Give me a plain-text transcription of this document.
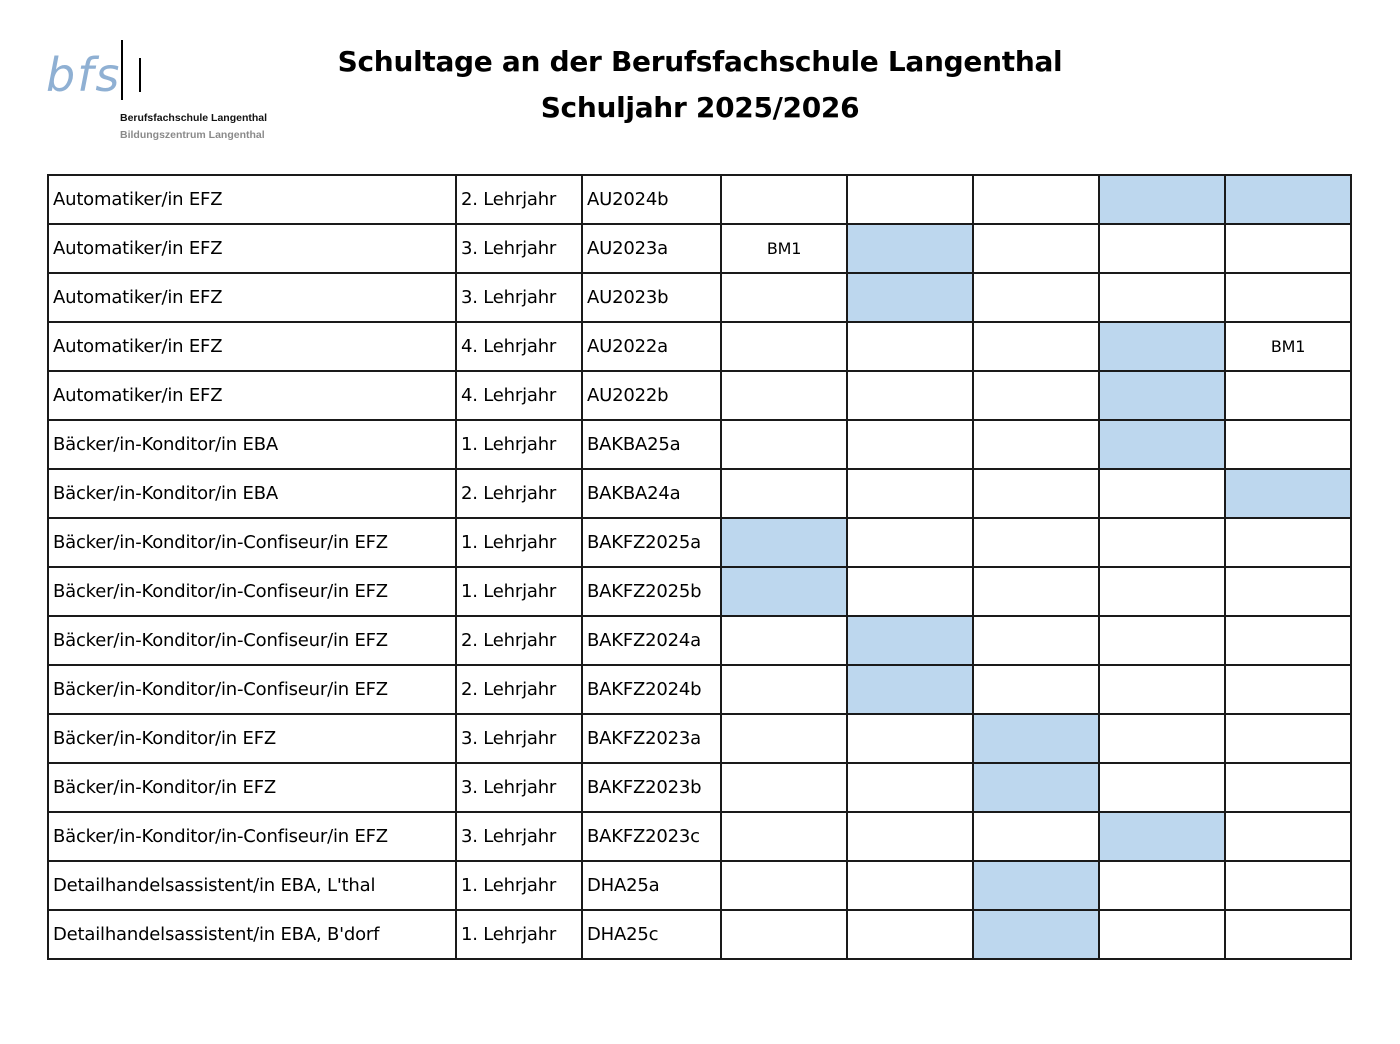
bfs
Berufsfachschule Langenthal
Bildungszentrum Langenthal
Schultage an der Berufsfachschule Langenthal
Schuljahr 2025/2026
Automatiker/in EFZ	2. Lehrjahr	AU2024b					
Automatiker/in EFZ	3. Lehrjahr	AU2023a	BM1				
Automatiker/in EFZ	3. Lehrjahr	AU2023b					
Automatiker/in EFZ	4. Lehrjahr	AU2022a					BM1
Automatiker/in EFZ	4. Lehrjahr	AU2022b					
Bäcker/in-Konditor/in EBA	1. Lehrjahr	BAKBA25a					
Bäcker/in-Konditor/in EBA	2. Lehrjahr	BAKBA24a					
Bäcker/in-Konditor/in-Confiseur/in EFZ	1. Lehrjahr	BAKFZ2025a					
Bäcker/in-Konditor/in-Confiseur/in EFZ	1. Lehrjahr	BAKFZ2025b					
Bäcker/in-Konditor/in-Confiseur/in EFZ	2. Lehrjahr	BAKFZ2024a					
Bäcker/in-Konditor/in-Confiseur/in EFZ	2. Lehrjahr	BAKFZ2024b					
Bäcker/in-Konditor/in EFZ	3. Lehrjahr	BAKFZ2023a					
Bäcker/in-Konditor/in EFZ	3. Lehrjahr	BAKFZ2023b					
Bäcker/in-Konditor/in-Confiseur/in EFZ	3. Lehrjahr	BAKFZ2023c					
Detailhandelsassistent/in EBA, L'thal	1. Lehrjahr	DHA25a					
Detailhandelsassistent/in EBA, B'dorf	1. Lehrjahr	DHA25c					
